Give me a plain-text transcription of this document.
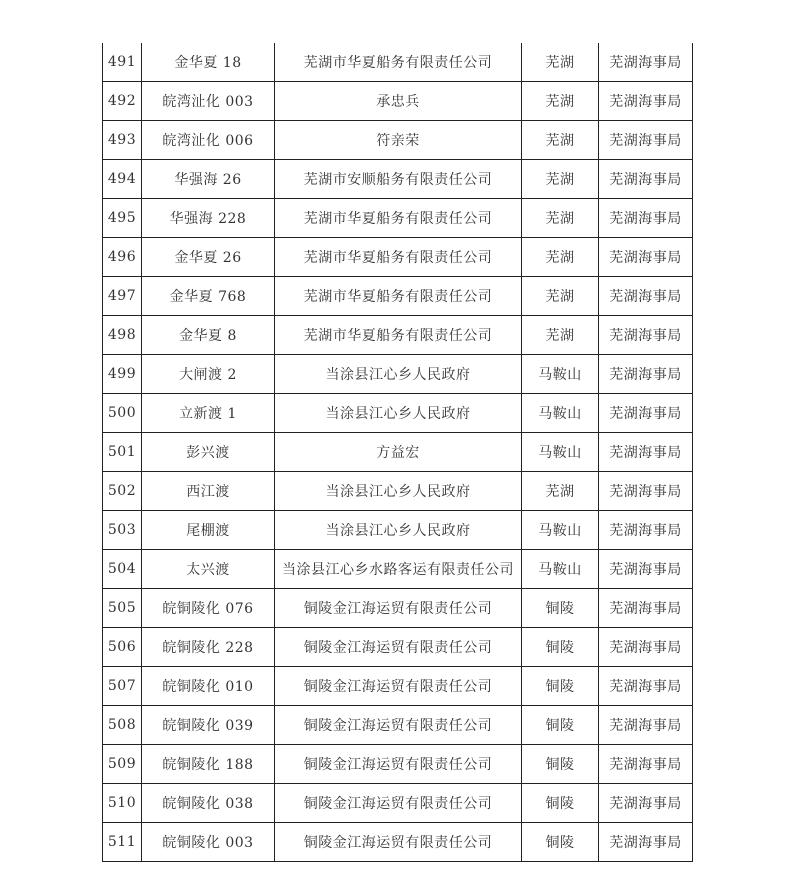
491	金华夏 18	芜湖市华夏船务有限责任公司	芜湖	芜湖海事局
492	皖湾沚化 003	承忠兵	芜湖	芜湖海事局
493	皖湾沚化 006	符亲荣	芜湖	芜湖海事局
494	华强海 26	芜湖市安顺船务有限责任公司	芜湖	芜湖海事局
495	华强海 228	芜湖市华夏船务有限责任公司	芜湖	芜湖海事局
496	金华夏 26	芜湖市华夏船务有限责任公司	芜湖	芜湖海事局
497	金华夏 768	芜湖市华夏船务有限责任公司	芜湖	芜湖海事局
498	金华夏 8	芜湖市华夏船务有限责任公司	芜湖	芜湖海事局
499	大闸渡 2	当涂县江心乡人民政府	马鞍山	芜湖海事局
500	立新渡 1	当涂县江心乡人民政府	马鞍山	芜湖海事局
501	彭兴渡	方益宏	马鞍山	芜湖海事局
502	西江渡	当涂县江心乡人民政府	芜湖	芜湖海事局
503	尾棚渡	当涂县江心乡人民政府	马鞍山	芜湖海事局
504	太兴渡	当涂县江心乡水路客运有限责任公司	马鞍山	芜湖海事局
505	皖铜陵化 076	铜陵金江海运贸有限责任公司	铜陵	芜湖海事局
506	皖铜陵化 228	铜陵金江海运贸有限责任公司	铜陵	芜湖海事局
507	皖铜陵化 010	铜陵金江海运贸有限责任公司	铜陵	芜湖海事局
508	皖铜陵化 039	铜陵金江海运贸有限责任公司	铜陵	芜湖海事局
509	皖铜陵化 188	铜陵金江海运贸有限责任公司	铜陵	芜湖海事局
510	皖铜陵化 038	铜陵金江海运贸有限责任公司	铜陵	芜湖海事局
511	皖铜陵化 003	铜陵金江海运贸有限责任公司	铜陵	芜湖海事局
